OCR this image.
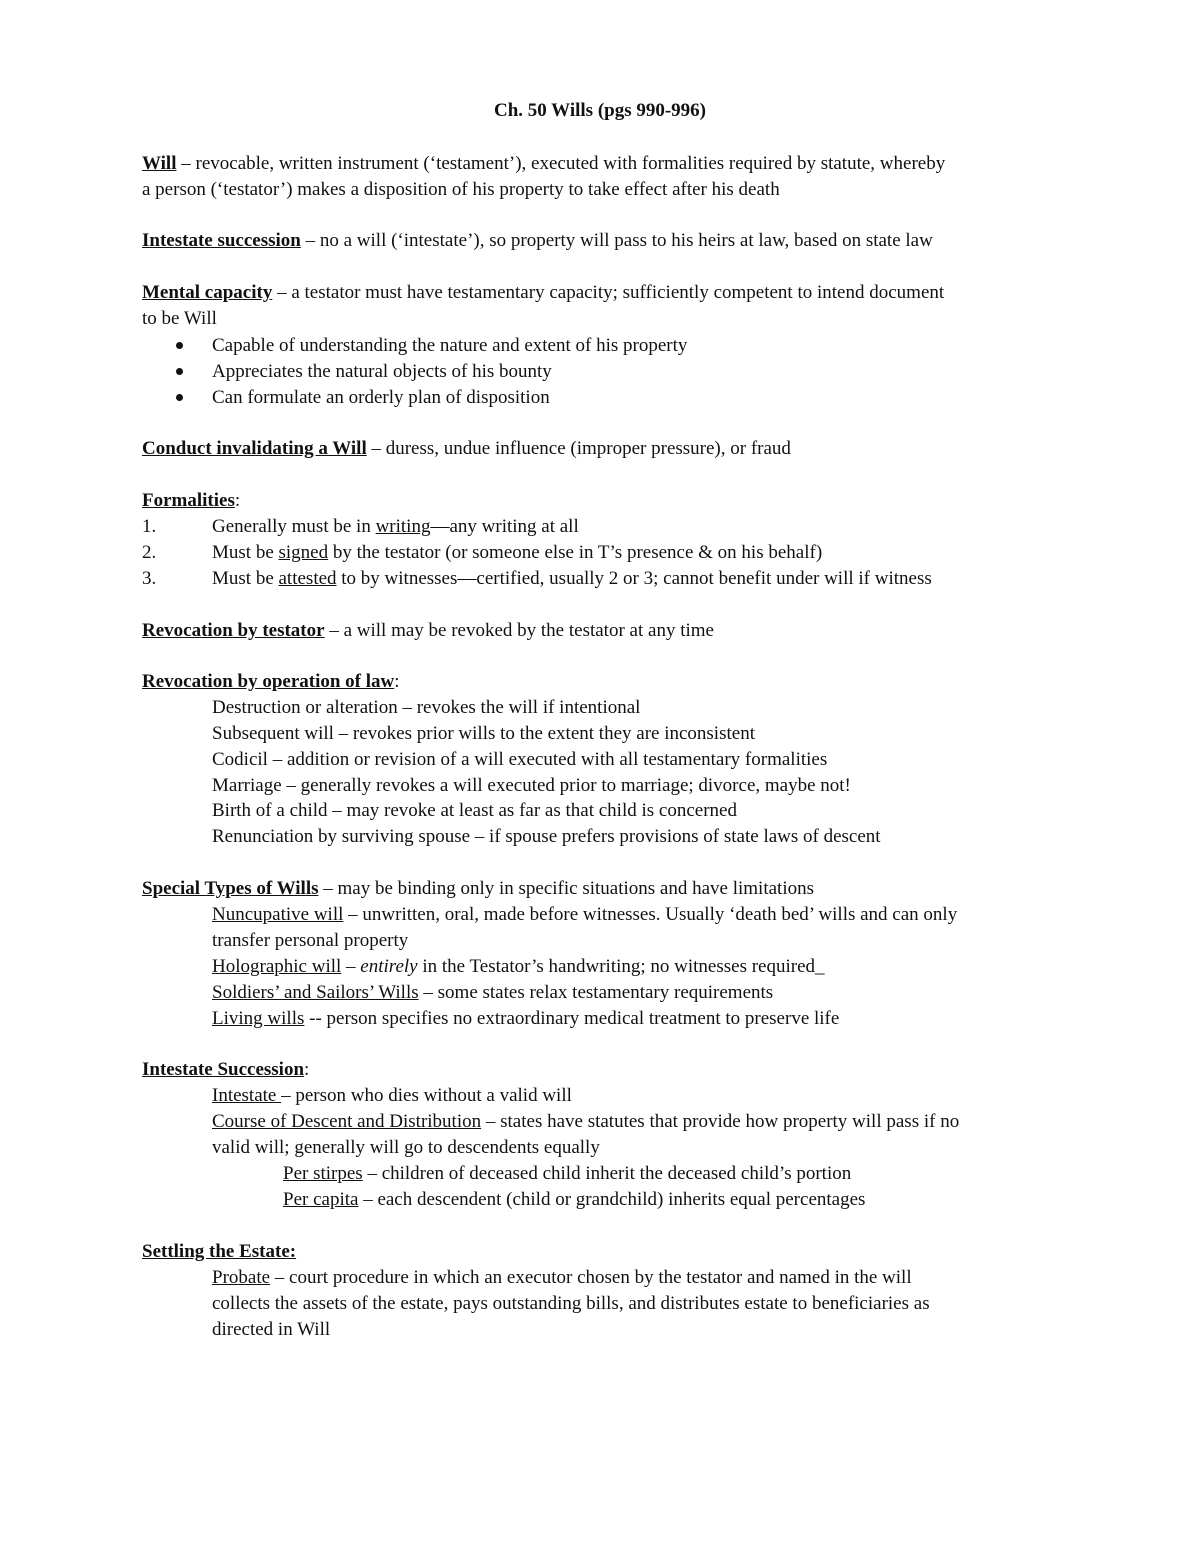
Ch. 50 Wills (pgs 990-996)
Will – revocable, written instrument (‘testament’), executed with formalities required by statute, whereby
a person (‘testator’) makes a disposition of his property to take effect after his death
Intestate succession – no a will (‘intestate’), so property will pass to his heirs at law, based on state law
Mental capacity – a testator must have testamentary capacity; sufficiently competent to intend document
to be Will
Capable of understanding the nature and extent of his property
Appreciates the natural objects of his bounty
Can formulate an orderly plan of disposition
Conduct invalidating a Will – duress, undue influence (improper pressure), or fraud
Formalities:
1.	Generally must be in writing—any writing at all
2.	Must be signed by the testator (or someone else in T’s presence & on his behalf)
3.	Must be attested to by witnesses—certified, usually 2 or 3; cannot benefit under will if witness
Revocation by testator – a will may be revoked by the testator at any time
Revocation by operation of law:
Destruction or alteration – revokes the will if intentional
Subsequent will – revokes prior wills to the extent they are inconsistent
Codicil – addition or revision of a will executed with all testamentary formalities
Marriage – generally revokes a will executed prior to marriage; divorce, maybe not!
Birth of a child – may revoke at least as far as that child is concerned
Renunciation by surviving spouse – if spouse prefers provisions of state laws of descent
Special Types of Wills – may be binding only in specific situations and have limitations
Nuncupative will – unwritten, oral, made before witnesses. Usually ‘death bed’ wills and can only
transfer personal property
Holographic will – entirely in the Testator’s handwriting; no witnesses required_
Soldiers’ and Sailors’ Wills – some states relax testamentary requirements
Living wills -- person specifies no extraordinary medical treatment to preserve life
Intestate Succession:
Intestate – person who dies without a valid will
Course of Descent and Distribution – states have statutes that provide how property will pass if no
valid will; generally will go to descendents equally
Per stirpes – children of deceased child inherit the deceased child’s portion
Per capita – each descendent (child or grandchild) inherits equal percentages
Settling the Estate:
Probate – court procedure in which an executor chosen by the testator and named in the will
collects the assets of the estate, pays outstanding bills, and distributes estate to beneficiaries as
directed in Will
